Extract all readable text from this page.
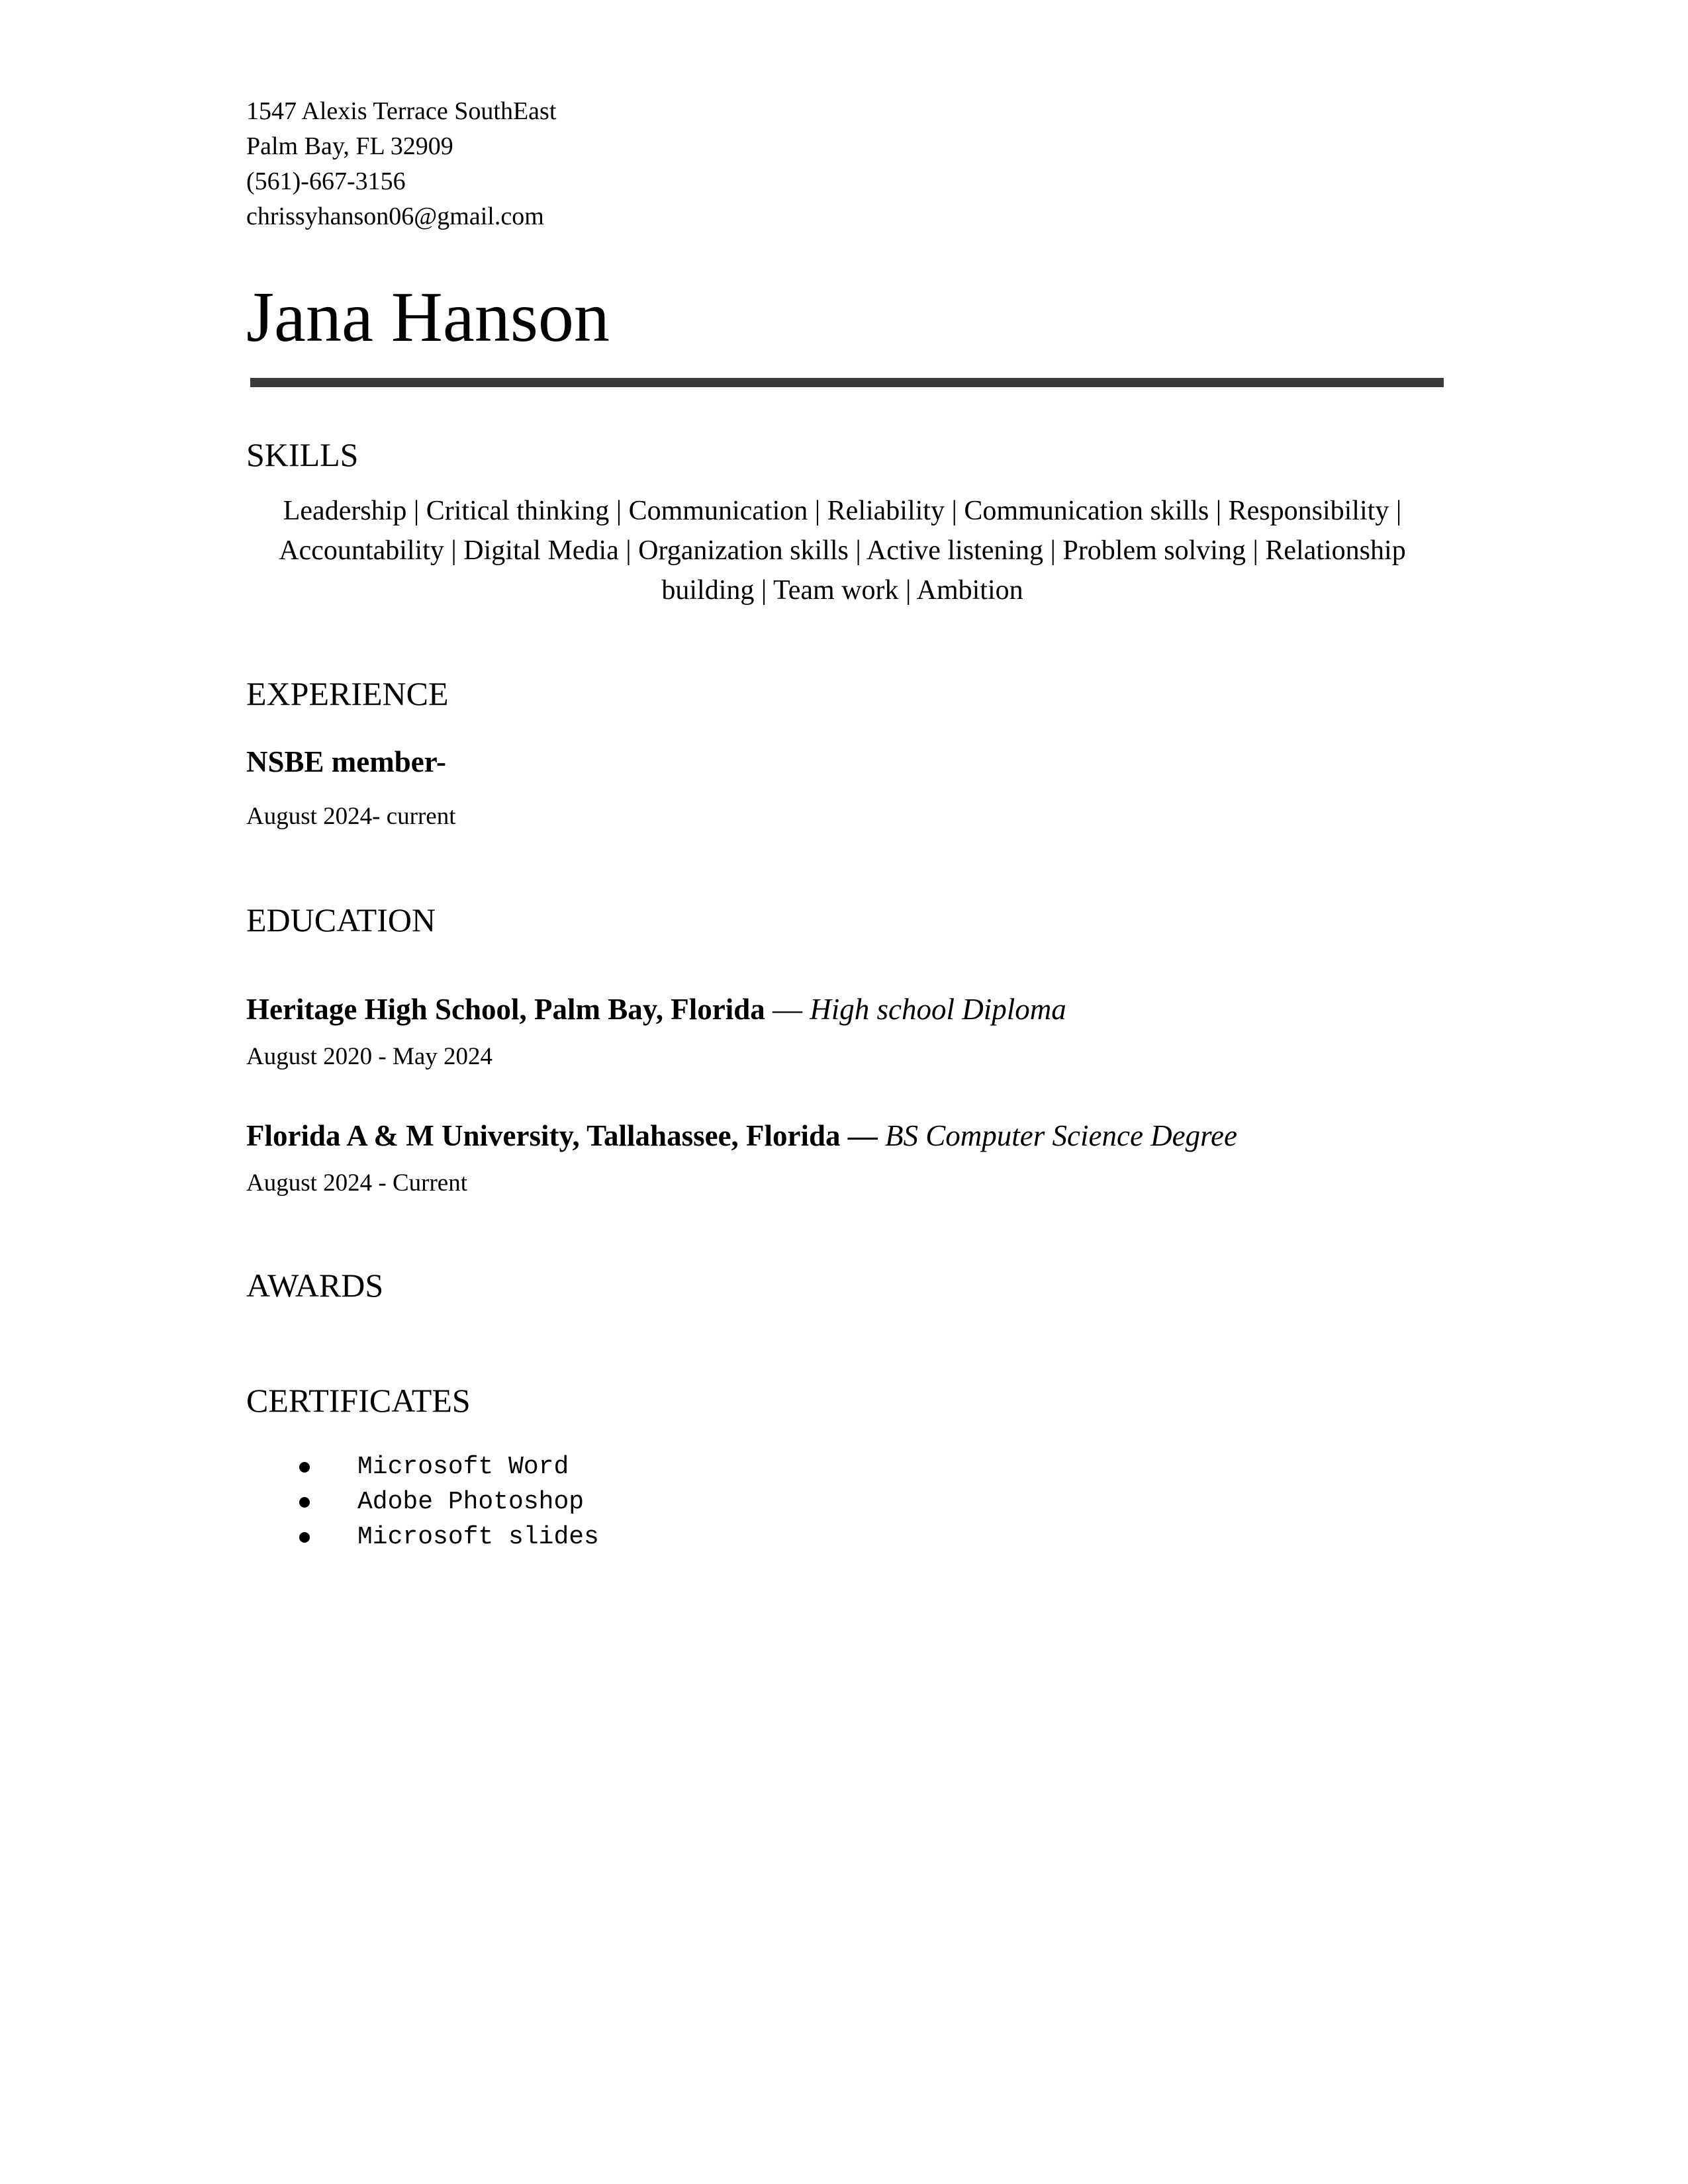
1547 Alexis Terrace SouthEast
Palm Bay, FL 32909
(561)-667-3156
chrissyhanson06@gmail.com
Jana Hanson
SKILLS
Leadership | Critical thinking | Communication | Reliability | Communication skills | Responsibility | Accountability | Digital Media | Organization skills | Active listening | Problem solving | Relationship building | Team work | Ambition
EXPERIENCE
NSBE member-
August 2024- current
EDUCATION
Heritage High School, Palm Bay, Florida — High school Diploma
August 2020 - May 2024
Florida A & M University, Tallahassee, Florida — BS Computer Science Degree
August 2024 - Current
AWARDS
CERTIFICATES
Microsoft Word
Adobe Photoshop
Microsoft slides
